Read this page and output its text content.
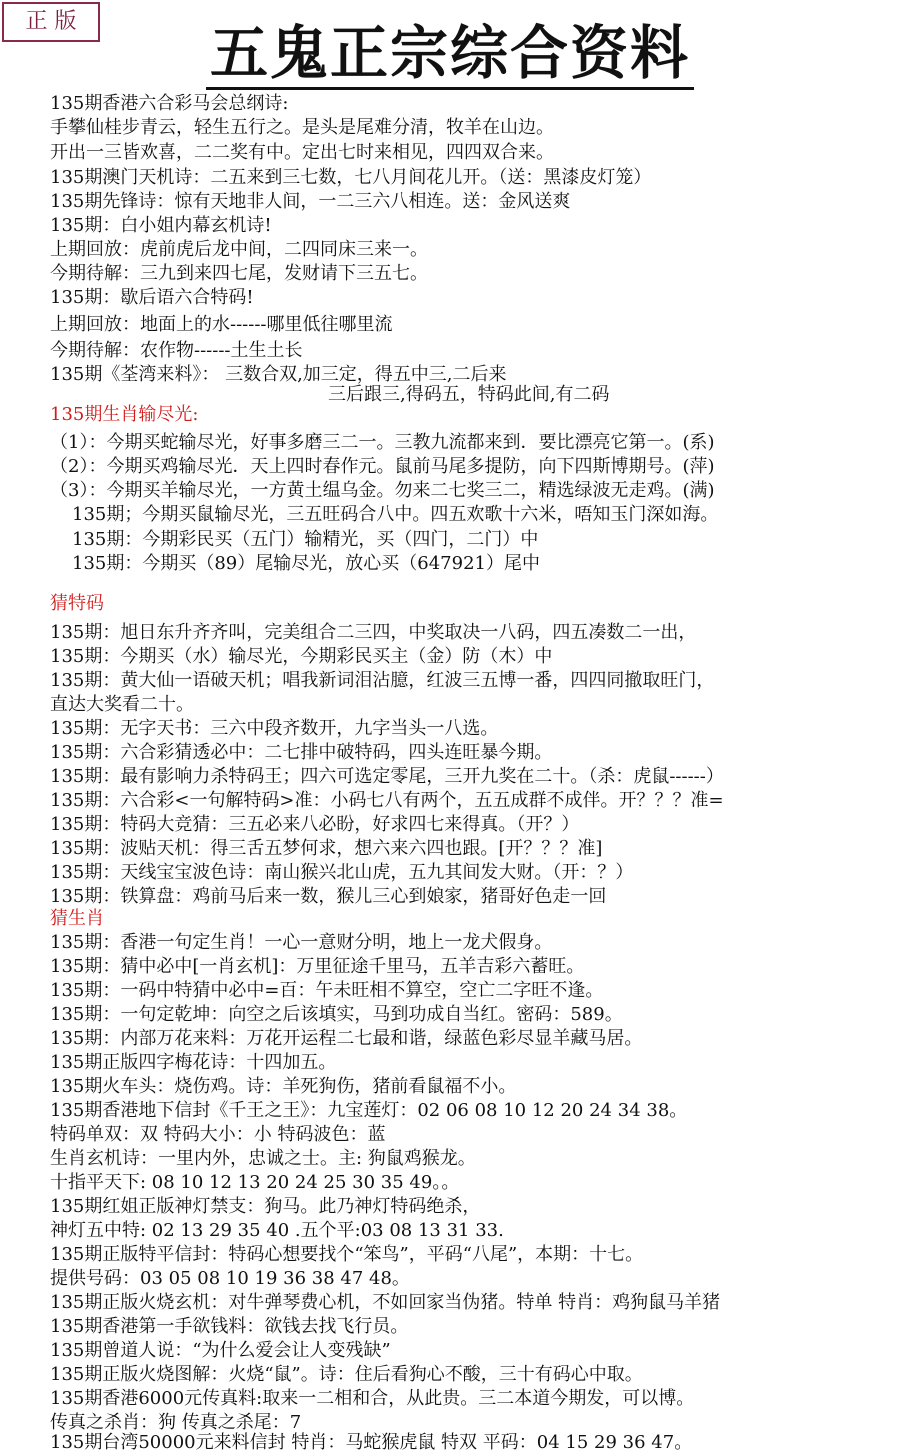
正 版	五鬼正宗综合资料
135期香港六合彩马会总纲诗:
手攀仙桂步青云，轻生五行之。是头是尾难分清，牧羊在山边。
开出一三皆欢喜，二二奖有中。定出七时来相见，四四双合来。
135期澳门天机诗：二五来到三七数，七八月间花儿开。（送：黑漆皮灯笼）
135期先锋诗：惊有天地非人间，一二三六八相连。送：金风送爽
135期：白小姐内幕玄机诗!
上期回放：虎前虎后龙中间，二四同床三来一。
今期待解：三九到来四七尾，发财请下三五七。
135期：歇后语六合特码!
上期回放：地面上的水------哪里低往哪里流
今期待解：农作物------土生土长
135期《荃湾来料》： 三数合双,加三定，得五中三,二后来
三后跟三,得码五，特码此间,有二码
135期生肖输尽光:
（1）：今期买蛇输尽光，好事多磨三二一。三教九流都来到．要比漂亮它第一。(系)
（2）：今期买鸡输尽光．天上四时春作元。鼠前马尾多提防，向下四斯博期号。(萍)
（3）：今期买羊输尽光，一方黄土缊乌金。勿来二七奖三二，精选绿波无走鸡。(满)
135期；今期买鼠输尽光，三五旺码合八中。四五欢歌十六米，唔知玉门深如海。
135期：今期彩民买（五门）输精光，买（四门，二门）中
135期：今期买（89）尾输尽光，放心买（647921）尾中
猜特码
135期：旭日东升齐齐叫，完美组合二三四，中奖取决一八码，四五凑数二一出，
135期：今期买（水）输尽光，今期彩民买主（金）防（木）中
135期：黄大仙一语破天机；唱我新词泪沾臆，红波三五博一番，四四同撤取旺门，
直达大奖看二十。
135期：无字天书：三六中段齐数开，九字当头一八选。
135期：六合彩猜透必中：二七排中破特码，四头连旺暴今期。
135期：最有影响力杀特码王；四六可选定零尾，三开九奖在二十。（杀：虎鼠------）
135期：六合彩<一句解特码>准：小码七八有两个，五五成群不成伴。开？？？准=
135期：特码大竞猜：三五必来八必盼，好求四七来得真。（开？）
135期：波贴天机：得三舌五梦何求，想六来六四也跟。[开？？？准]
135期：天线宝宝波色诗：南山猴兴北山虎，五九其间发大财。（开：？）
135期：铁算盘：鸡前马后来一数，猴儿三心到娘家，猪哥好色走一回
猜生肖
135期：香港一句定生肖！一心一意财分明，地上一龙犬假身。
135期：猜中必中[一肖玄机]：万里征途千里马，五羊吉彩六蓄旺。
135期：一码中特猜中必中=百：午未旺相不算空，空亡二字旺不逢。
135期：一句定乾坤：向空之后该填实，马到功成自当红。密码：589。
135期：内部万花来料：万花开运程二七最和谐，绿蓝色彩尽显羊藏马居。
135期正版四字梅花诗：十四加五。
135期火车头：烧伤鸡。诗：羊死狗伤，猪前看鼠福不小。
135期香港地下信封《千王之王》：九宝莲灯：02 06 08 10 12 20 24 34 38。
特码单双：双 特码大小：小 特码波色：蓝
生肖玄机诗：一里内外，忠诚之士。主: 狗鼠鸡猴龙。
十指平天下: 08 10 12 13 20 24 25 30 35 49。。
135期红姐正版神灯禁支：狗马。此乃神灯特码绝杀，
神灯五中特: 02 13 29 35 40 .五个平:03 08 13 31 33.
135期正版特平信封：特码心想要找个“笨鸟”，平码“八尾”，本期：十七。
提供号码：03 05 08 10 19 36 38 47 48。
135期正版火烧玄机：对牛弹琴费心机，不如回家当伪猪。特单 特肖：鸡狗鼠马羊猪
135期香港第一手欲钱料：欲钱去找飞行员。
135期曾道人说：“为什么爱会让人变残缺”
135期正版火烧图解：火烧“鼠”。诗：住后看狗心不酸，三十有码心中取。
135期香港6000元传真料:取来一二相和合，从此贵。三二本道今期发，可以博。
传真之杀肖：狗 传真之杀尾：7
135期台湾50000元来料信封 特肖：马蛇猴虎鼠 特双 平码：04 15 29 36 47。
